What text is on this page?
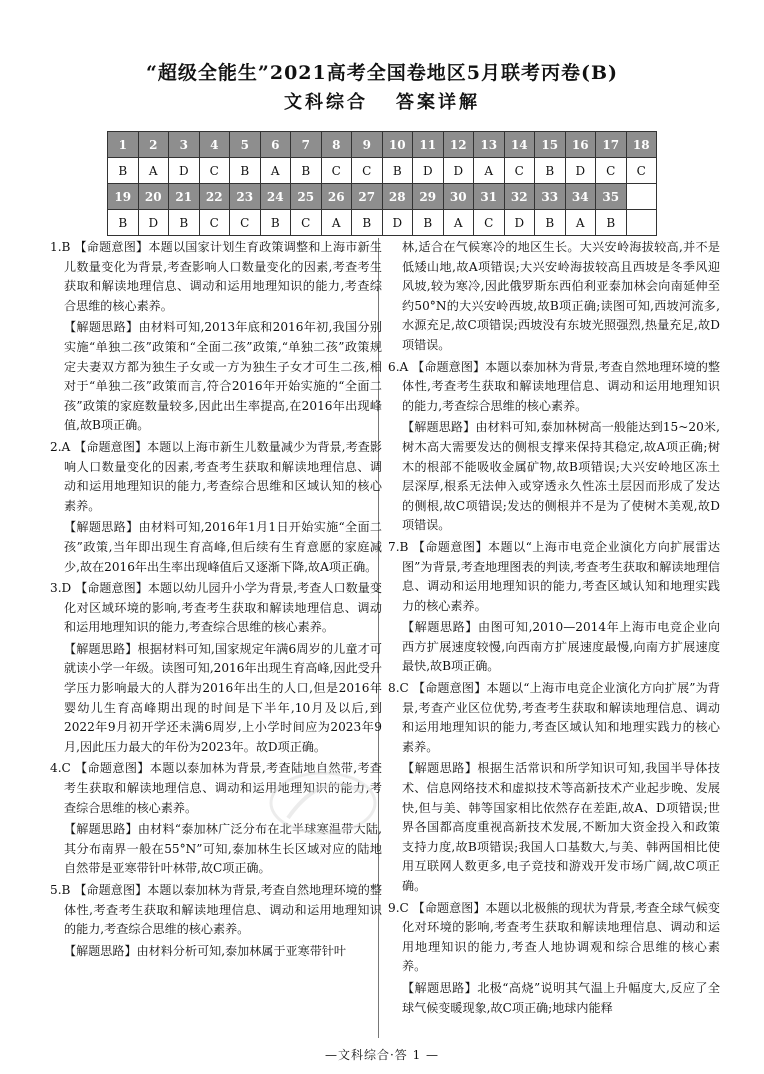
“超级全能生”2021高考全国卷地区5月联考丙卷(B)
文科综合 答案详解
1	2	3	4	5	6	7	8	9	10	11	12	13	14	15	16	17	18
B	A	D	C	B	A	B	C	C	B	D	D	A	C	B	D	C	C
19	20	21	22	23	24	25	26	27	28	29	30	31	32	33	34	35	
B	D	B	C	C	B	C	A	B	D	B	A	C	D	B	A	B	
1.B 【命题意图】本题以国家计划生育政策调整和上海市新生儿数量变化为背景,考查影响人口数量变化的因素,考查考生获取和解读地理信息、调动和运用地理知识的能力,考查综合思维的核心素养。
【解题思路】由材料可知,2013年底和2016年初,我国分别实施“单独二孩”政策和“全面二孩”政策,“单独二孩”政策规定夫妻双方都为独生子女或一方为独生子女才可生二孩,相对于“单独二孩”政策而言,符合2016年开始实施的“全面二孩”政策的家庭数量较多,因此出生率提高,在2016年出现峰值,故B项正确。
2.A 【命题意图】本题以上海市新生儿数量减少为背景,考查影响人口数量变化的因素,考查考生获取和解读地理信息、调动和运用地理知识的能力,考查综合思维和区域认知的核心素养。
【解题思路】由材料可知,2016年1月1日开始实施“全面二孩”政策,当年即出现生育高峰,但后续有生育意愿的家庭减少,故在2016年出生率出现峰值后又逐渐下降,故A项正确。
3.D 【命题意图】本题以幼儿园升小学为背景,考查人口数量变化对区域环境的影响,考查考生获取和解读地理信息、调动和运用地理知识的能力,考查综合思维的核心素养。
【解题思路】根据材料可知,国家规定年满6周岁的儿童才可就读小学一年级。读图可知,2016年出现生育高峰,因此受升学压力影响最大的人群为2016年出生的人口,但是2016年婴幼儿生育高峰期出现的时间是下半年,10月及以后,到2022年9月初开学还未满6周岁,上小学时间应为2023年9月,因此压力最大的年份为2023年。故D项正确。
4.C 【命题意图】本题以泰加林为背景,考查陆地自然带,考查考生获取和解读地理信息、调动和运用地理知识的能力,考查综合思维的核心素养。
【解题思路】由材料“泰加林广泛分布在北半球寒温带大陆,其分布南界一般在55°N”可知,泰加林生长区域对应的陆地自然带是亚寒带针叶林带,故C项正确。
5.B 【命题意图】本题以泰加林为背景,考查自然地理环境的整体性,考查考生获取和解读地理信息、调动和运用地理知识的能力,考查综合思维的核心素养。
【解题思路】由材料分析可知,泰加林属于亚寒带针叶
林,适合在气候寒冷的地区生长。大兴安岭海拔较高,并不是低矮山地,故A项错误;大兴安岭海拔较高且西坡是冬季风迎风坡,较为寒冷,因此俄罗斯东西伯利亚泰加林会向南延伸至约50°N的大兴安岭西坡,故B项正确;读图可知,西坡河流多,水源充足,故C项错误;西坡没有东坡光照强烈,热量充足,故D项错误。
6.A 【命题意图】本题以泰加林为背景,考查自然地理环境的整体性,考查考生获取和解读地理信息、调动和运用地理知识的能力,考查综合思维的核心素养。
【解题思路】由材料可知,泰加林树高一般能达到15~20米,树木高大需要发达的侧根支撑来保持其稳定,故A项正确;树木的根部不能吸收金属矿物,故B项错误;大兴安岭地区冻土层深厚,根系无法伸入或穿透永久性冻土层因而形成了发达的侧根,故C项错误;发达的侧根并不是为了使树木美观,故D项错误。
7.B 【命题意图】本题以“上海市电竞企业演化方向扩展雷达图”为背景,考查地理图表的判读,考查考生获取和解读地理信息、调动和运用地理知识的能力,考查区域认知和地理实践力的核心素养。
【解题思路】由图可知,2010—2014年上海市电竞企业向西方扩展速度较慢,向西南方扩展速度最慢,向南方扩展速度最快,故B项正确。
8.C 【命题意图】本题以“上海市电竞企业演化方向扩展”为背景,考查产业区位优势,考查考生获取和解读地理信息、调动和运用地理知识的能力,考查区域认知和地理实践力的核心素养。
【解题思路】根据生活常识和所学知识可知,我国半导体技术、信息网络技术和虚拟技术等高新技术产业起步晚、发展快,但与美、韩等国家相比依然存在差距,故A、D项错误;世界各国都高度重视高新技术发展,不断加大资金投入和政策支持力度,故B项错误;我国人口基数大,与美、韩两国相比使用互联网人数更多,电子竞技和游戏开发市场广阔,故C项正确。
9.C 【命题意图】本题以北极熊的现状为背景,考查全球气候变化对环境的影响,考查考生获取和解读地理信息、调动和运用地理知识的能力,考查人地协调观和综合思维的核心素养。
【解题思路】北极“高烧”说明其气温上升幅度大,反应了全球气候变暖现象,故C项正确;地球内能释
—文科综合·答 1 —
